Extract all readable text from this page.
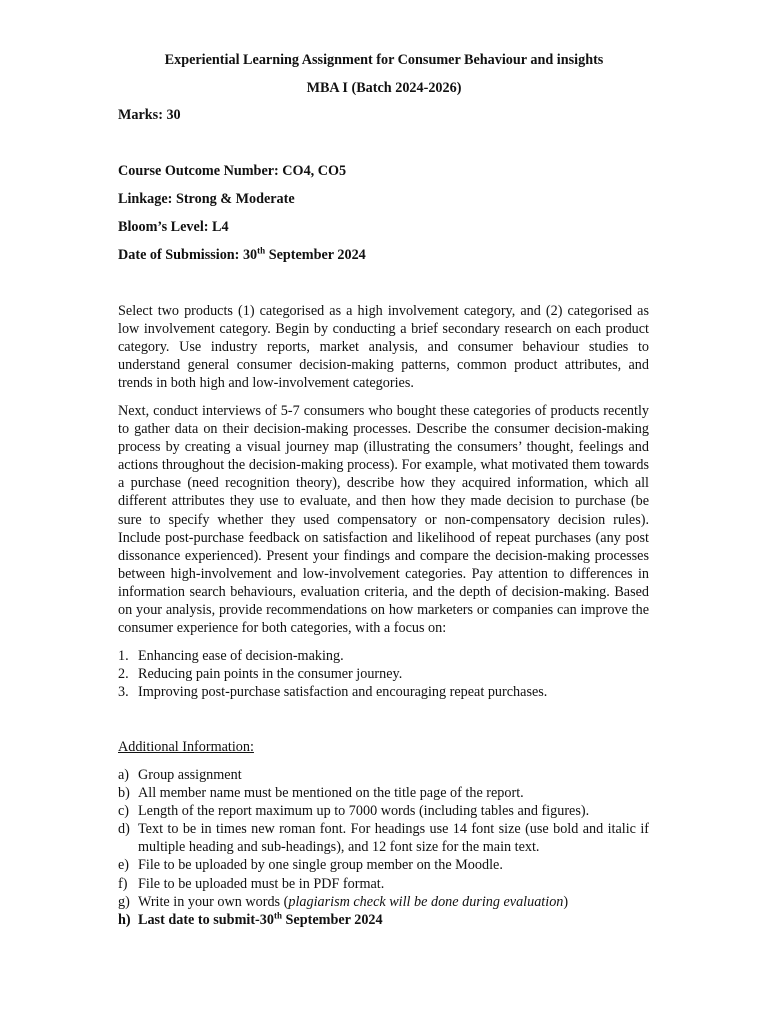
Experiential Learning Assignment for Consumer Behaviour and insights
MBA I (Batch 2024-2026)
Marks: 30
Course Outcome Number: CO4, CO5
Linkage: Strong & Moderate
Bloom’s Level: L4
Date of Submission: 30th September 2024
Select two products (1) categorised as a high involvement category, and (2) categorised as low involvement category. Begin by conducting a brief secondary research on each product category. Use industry reports, market analysis, and consumer behaviour studies to understand general consumer decision-making patterns, common product attributes, and trends in both high and low-involvement categories.
Next, conduct interviews of 5-7 consumers who bought these categories of products recently to gather data on their decision-making processes. Describe the consumer decision-making process by creating a visual journey map (illustrating the consumers’ thought, feelings and actions throughout the decision-making process). For example, what motivated them towards a purchase (need recognition theory), describe how they acquired information, which all different attributes they use to evaluate, and then how they made decision to purchase (be sure to specify whether they used compensatory or non-compensatory decision rules). Include post-purchase feedback on satisfaction and likelihood of repeat purchases (any post dissonance experienced). Present your findings and compare the decision-making processes between high-involvement and low-involvement categories. Pay attention to differences in information search behaviours, evaluation criteria, and the depth of decision-making. Based on your analysis, provide recommendations on how marketers or companies can improve the consumer experience for both categories, with a focus on:
1. Enhancing ease of decision-making.
2. Reducing pain points in the consumer journey.
3. Improving post-purchase satisfaction and encouraging repeat purchases.
Additional Information:
a) Group assignment
b) All member name must be mentioned on the title page of the report.
c) Length of the report maximum up to 7000 words (including tables and figures).
d) Text to be in times new roman font. For headings use 14 font size (use bold and italic if multiple heading and sub-headings), and 12 font size for the main text.
e) File to be uploaded by one single group member on the Moodle.
f) File to be uploaded must be in PDF format.
g) Write in your own words (plagiarism check will be done during evaluation)
h) Last date to submit-30th September 2024
